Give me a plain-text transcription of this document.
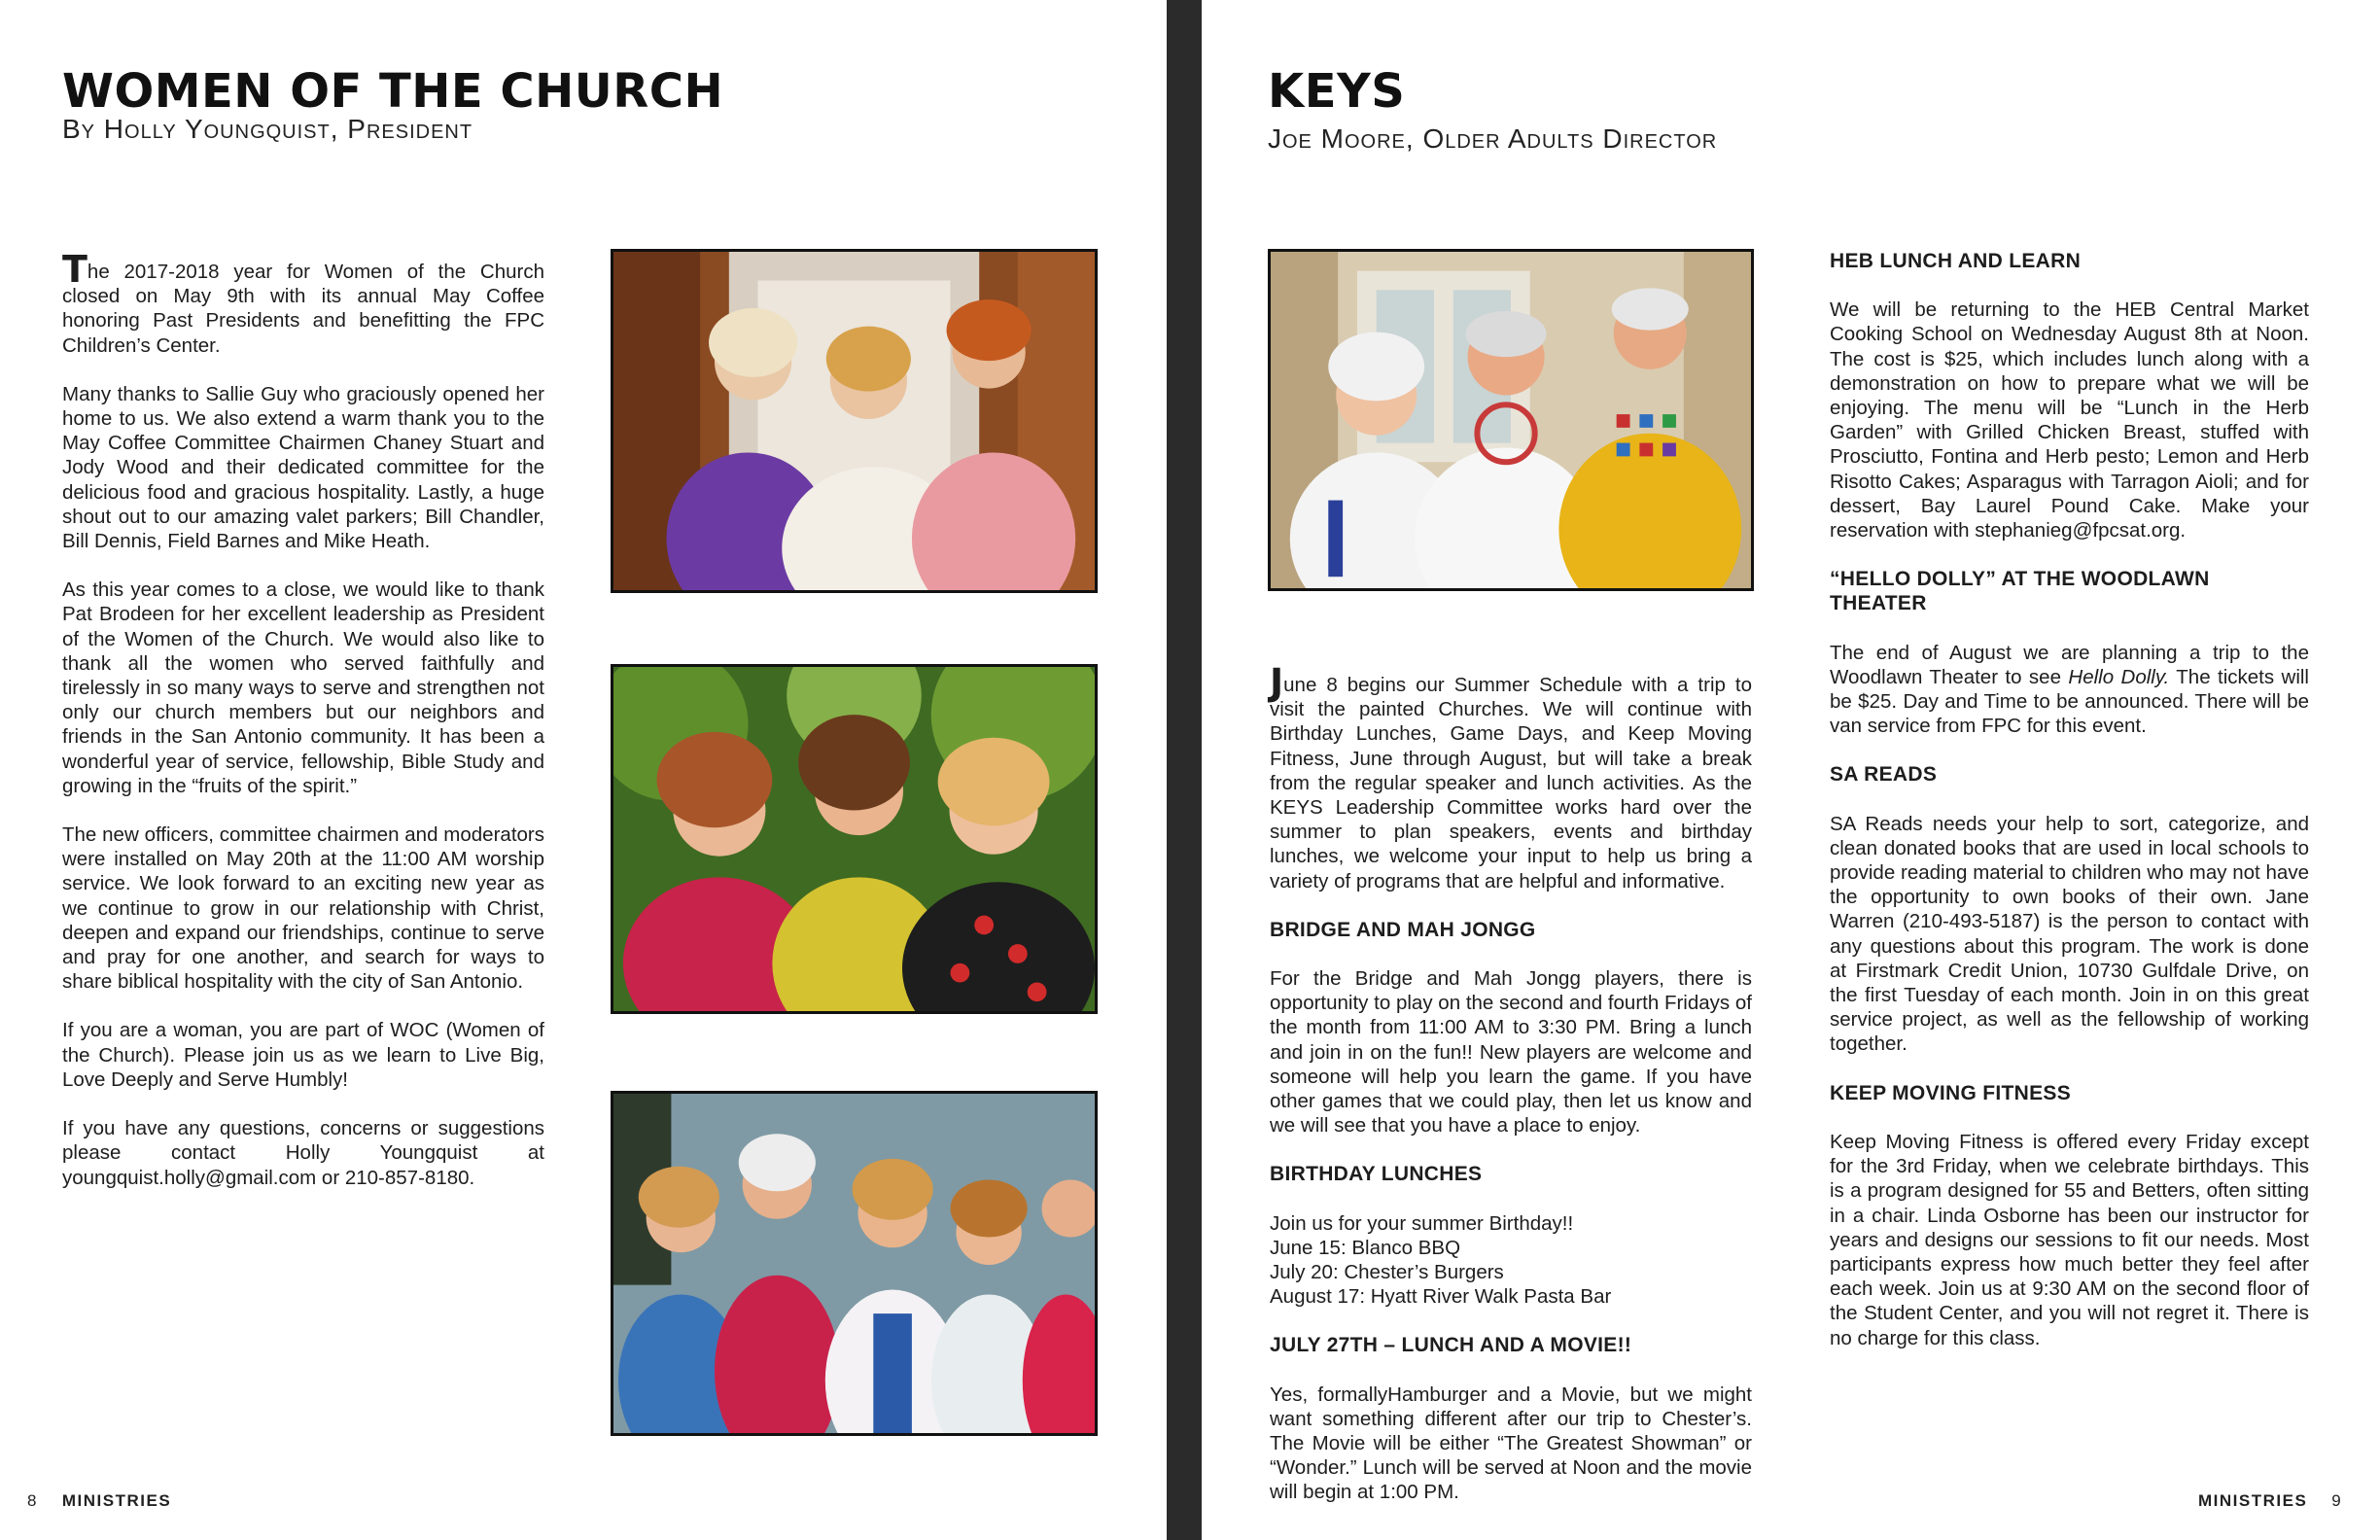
WOMEN OF THE CHURCH

By Holly Youngquist, President

The 2017-2018 year for Women of the Church closed on May 9th with its annual May Coffee honoring Past Presidents and benefitting the FPC Children’s Center.

Many thanks to Sallie Guy who graciously opened her home to us. We also extend a warm thank you to the May Coffee Committee Chairmen Chaney Stuart and Jody Wood and their dedicated committee for the delicious food and gracious hospitality. Lastly, a huge shout out to our amazing valet parkers; Bill Chandler, Bill Dennis, Field Barnes and Mike Heath.

As this year comes to a close, we would like to thank Pat Brodeen for her excellent leadership as President of the Women of the Church. We would also like to thank all the women who served faithfully and tirelessly in so many ways to serve and strengthen not only our church members but our neighbors and friends in the San Antonio community. It has been a wonderful year of service, fellowship, Bible Study and growing in the “fruits of the spirit.”

The new officers, committee chairmen and moderators were installed on May 20th at the 11:00 AM worship service. We look forward to an exciting new year as we continue to grow in our relationship with Christ, deepen and expand our friendships, continue to serve and pray for one another, and search for ways to share biblical hospitality with the city of San Antonio.

If you are a woman, you are part of WOC (Women of the Church). Please join us as we learn to Live Big, Love Deeply and Serve Humbly!

If you have any questions, concerns or suggestions please contact Holly Youngquist at youngquist.holly@gmail.com or 210-857-8180.

8 MINISTRIES
KEYS

Joe Moore, Older Adults Director

June 8 begins our Summer Schedule with a trip to visit the painted Churches. We will continue with Birthday Lunches, Game Days, and Keep Moving Fitness, June through August, but will take a break from the regular speaker and lunch activities. As the KEYS Leadership Committee works hard over the summer to plan speakers, events and birthday lunches, we welcome your input to help us bring a variety of programs that are helpful and informative.

BRIDGE AND MAH JONGG

For the Bridge and Mah Jongg players, there is opportunity to play on the second and fourth Fridays of the month from 11:00 AM to 3:30 PM. Bring a lunch and join in on the fun!! New players are welcome and someone will help you learn the game. If you have other games that we could play, then let us know and we will see that you have a place to enjoy.

BIRTHDAY LUNCHES

Join us for your summer Birthday!!
June 15: Blanco BBQ
July 20: Chester’s Burgers
August 17: Hyatt River Walk Pasta Bar

JULY 27TH – LUNCH AND A MOVIE!!

Yes, formallyHamburger and a Movie, but we might want something different after our trip to Chester’s. The Movie will be either “The Greatest Showman” or “Wonder.” Lunch will be served at Noon and the movie will begin at 1:00 PM.

HEB LUNCH AND LEARN

We will be returning to the HEB Central Market Cooking School on Wednesday August 8th at Noon. The cost is $25, which includes lunch along with a demonstration on how to prepare what we will be enjoying. The menu will be “Lunch in the Herb Garden” with Grilled Chicken Breast, stuffed with Prosciutto, Fontina and Herb pesto; Lemon and Herb Risotto Cakes; Asparagus with Tarragon Aioli; and for dessert, Bay Laurel Pound Cake. Make your reservation with stephanieg@fpcsat.org.

“HELLO DOLLY” AT THE WOODLAWN THEATER

The end of August we are planning a trip to the Woodlawn Theater to see Hello Dolly. The tickets will be $25. Day and Time to be announced. There will be van service from FPC for this event.

SA READS

SA Reads needs your help to sort, categorize, and clean donated books that are used in local schools to provide reading material to children who may not have the opportunity to own books of their own. Jane Warren (210-493-5187) is the person to contact with any questions about this program. The work is done at Firstmark Credit Union, 10730 Gulfdale Drive, on the first Tuesday of each month. Join in on this great service project, as well as the fellowship of working together.

KEEP MOVING FITNESS

Keep Moving Fitness is offered every Friday except for the 3rd Friday, when we celebrate birthdays. This is a program designed for 55 and Betters, often sitting in a chair. Linda Osborne has been our instructor for years and designs our sessions to fit our needs. Most participants express how much better they feel after each week. Join us at 9:30 AM on the second floor of the Student Center, and you will not regret it. There is no charge for this class.

MINISTRIES 9
